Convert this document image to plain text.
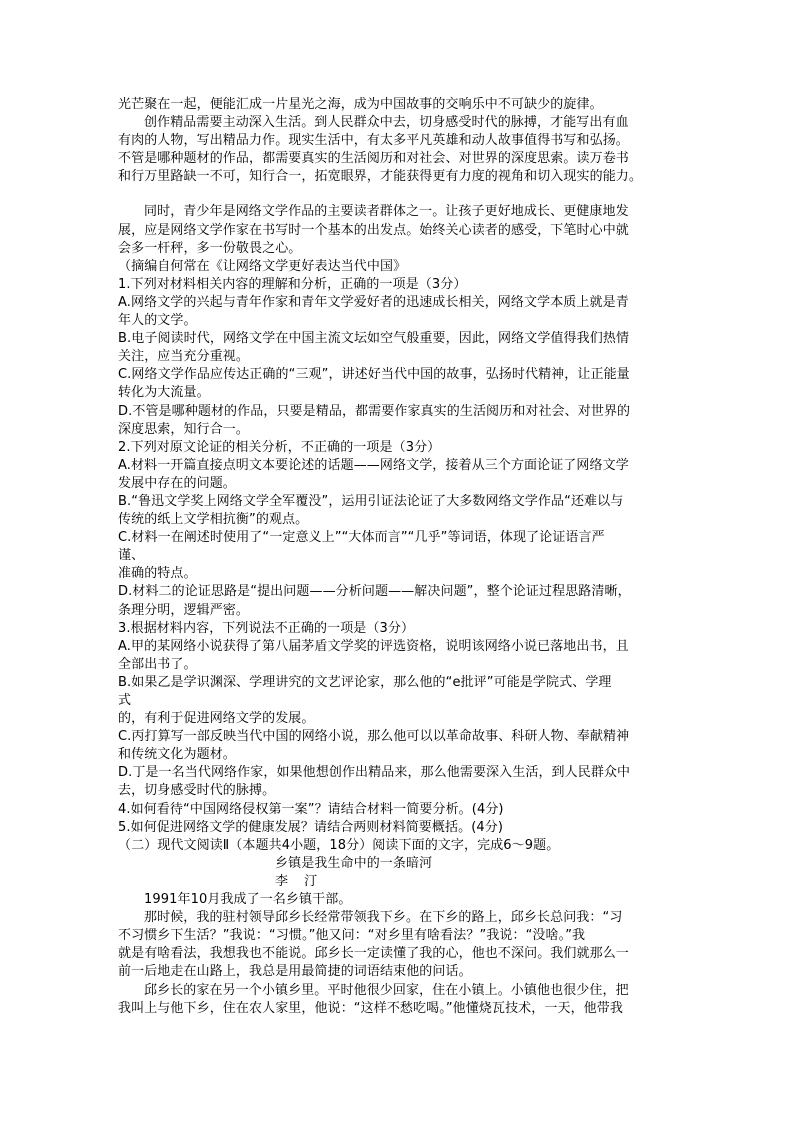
光芒聚在一起，便能汇成一片星光之海，成为中国故事的交响乐中不可缺少的旋律。
创作精品需要主动深入生活。到人民群众中去，切身感受时代的脉搏，才能写出有血
有肉的人物，写出精品力作。现实生活中，有太多平凡英雄和动人故事值得书写和弘扬。
不管是哪种题材的作品，都需要真实的生活阅历和对社会、对世界的深度思索。读万卷书
和行万里路缺一不可，知行合一，拓宽眼界，才能获得更有力度的视角和切入现实的能力。
同时，青少年是网络文学作品的主要读者群体之一。让孩子更好地成长、更健康地发
展，应是网络文学作家在书写时一个基本的出发点。始终关心读者的感受，下笔时心中就
会多一杆秤，多一份敬畏之心。
（摘编自何常在《让网络文学更好表达当代中国》
1.下列对材料相关内容的理解和分析，正确的一项是（3分）
A.网络文学的兴起与青年作家和青年文学爱好者的迅速成长相关，网络文学本质上就是青
年人的文学。
B.电子阅读时代，网络文学在中国主流文坛如空气般重要，因此，网络文学值得我们热情
关注，应当充分重视。
C.网络文学作品应传达正确的“三观”，讲述好当代中国的故事，弘扬时代精神，让正能量
转化为大流量。
D.不管是哪种题材的作品，只要是精品，都需要作家真实的生活阅历和对社会、对世界的
深度思索，知行合一。
2.下列对原文论证的相关分析，不正确的一项是（3分）
A.材料一开篇直接点明文本要论述的话题——网络文学，接着从三个方面论证了网络文学
发展中存在的问题。
B.“鲁迅文学奖上网络文学全军覆没”，运用引证法论证了大多数网络文学作品“还难以与
传统的纸上文学相抗衡”的观点。
C.材料一在阐述时使用了“一定意义上”“大体而言”“几乎”等词语，体现了论证语言严
谨、
准确的特点。
D.材料二的论证思路是“提出问题——分析问题——解决问题”，整个论证过程思路清晰，
条理分明，逻辑严密。
3.根据材料内容，下列说法不正确的一项是（3分）
A.甲的某网络小说获得了第八届茅盾文学奖的评选资格，说明该网络小说已落地出书，且
全部出书了。
B.如果乙是学识渊深、学理讲究的文艺评论家，那么他的“e批评”可能是学院式、学理
式
的，有利于促进网络文学的发展。
C.丙打算写一部反映当代中国的网络小说，那么他可以以革命故事、科研人物、奉献精神
和传统文化为题材。
D.丁是一名当代网络作家，如果他想创作出精品来，那么他需要深入生活，到人民群众中
去，切身感受时代的脉搏。
4.如何看待“中国网络侵权第一案”？请结合材料一简要分析。(4分)
5.如何促进网络文学的健康发展？请结合两则材料简要概括。(4分)
（二）现代文阅读Ⅱ（本题共4小题，18分）阅读下面的文字，完成6～9题。
乡镇是我生命中的一条暗河
李 汀
1991年10月我成了一名乡镇干部。
那时候，我的驻村领导邱乡长经常带领我下乡。在下乡的路上，邱乡长总问我：“习
不习惯乡下生活？”我说：“习惯。”他又问：“对乡里有啥看法？”我说：“没啥。”我
就是有啥看法，我想我也不能说。邱乡长一定读懂了我的心，他也不深问。我们就那么一
前一后地走在山路上，我总是用最简捷的词语结束他的问话。
邱乡长的家在另一个小镇乡里。平时他很少回家，住在小镇上。小镇他也很少住，把
我叫上与他下乡，住在农人家里，他说：“这样不愁吃喝。”他懂烧瓦技术，一天，他带我
